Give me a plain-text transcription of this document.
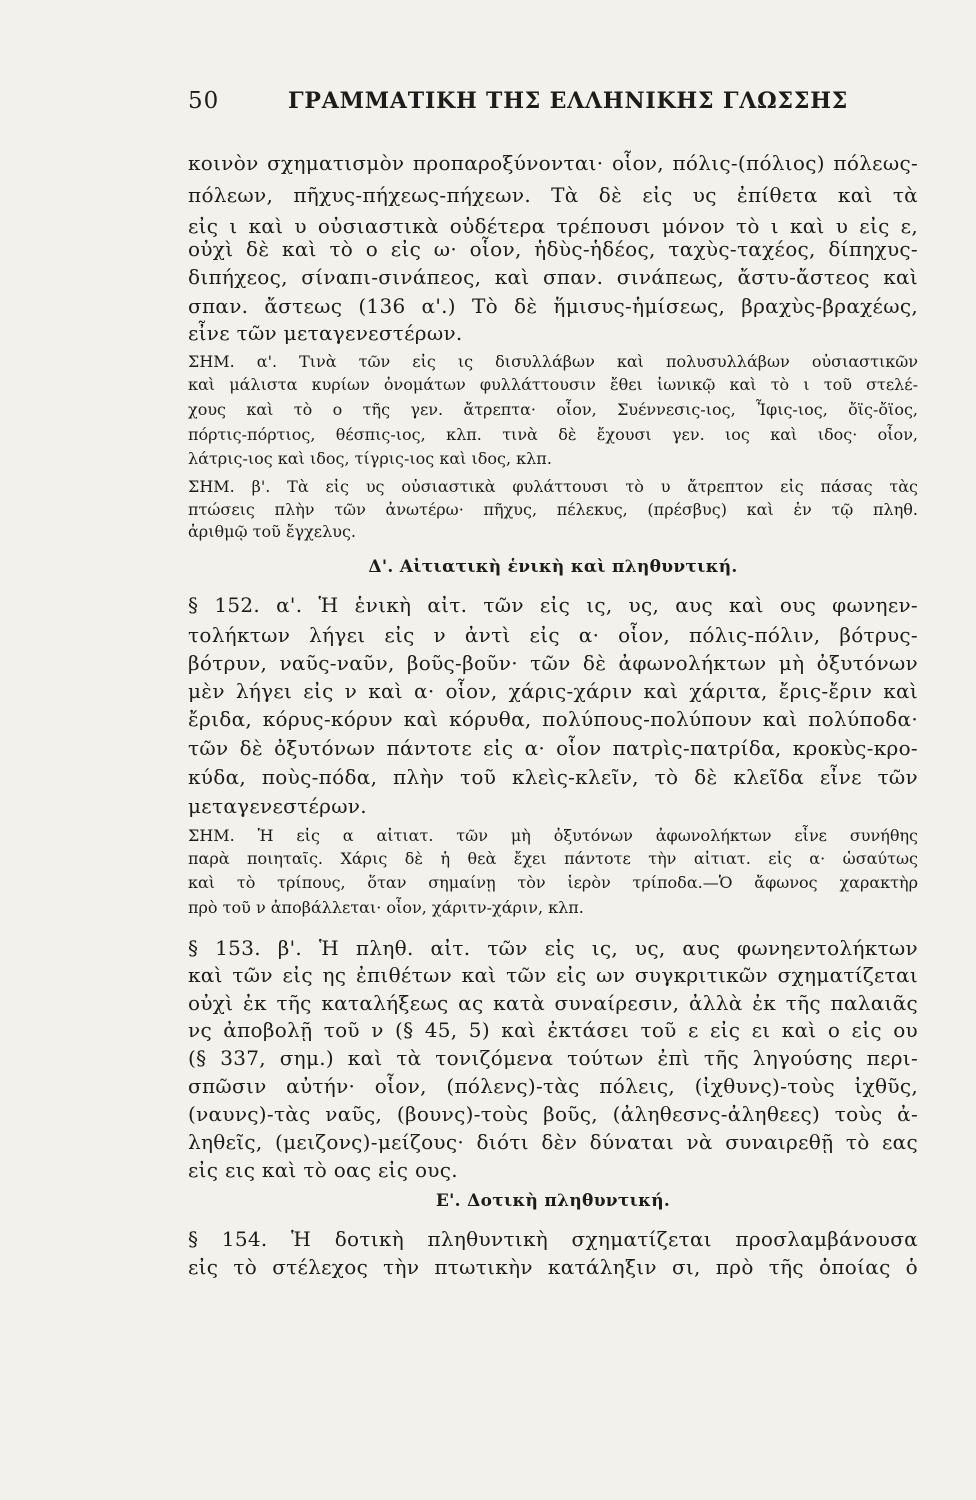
50	ΓΡΑΜΜΑΤΙΚΗ ΤΗΣ ΕΛΛΗΝΙΚΗΣ ΓΛΩΣΣΗΣ
κοινὸν σχηματισμὸν προπαροξύνονται· οἷον, πόλις-(πόλιος) πόλεως-
πόλεων, πῆχυς-πήχεως-πήχεων. Τὰ δὲ εἰς υς ἐπίθετα καὶ τὰ
εἰς ι καὶ υ οὐσιαστικὰ οὐδέτερα τρέπουσι μόνον τὸ ι καὶ υ εἰς ε,
οὐχὶ δὲ καὶ τὸ ο εἰς ω· οἷον, ἡδὺς-ἡδέος, ταχὺς-ταχέος, δίπηχυς-
διπήχεος, σίναπι-σινάπεος, καὶ σπαν. σινάπεως, ἄστυ-ἄστεος καὶ
σπαν. ἄστεως (136 α'.) Τὸ δὲ ἥμισυς-ἡμίσεως, βραχὺς-βραχέως,
εἶνε τῶν μεταγενεστέρων.
ΣΗΜ. α'. Τινὰ τῶν εἰς ις δισυλλάβων καὶ πολυσυλλάβων οὐσιαστικῶν
καὶ μάλιστα κυρίων ὀνομάτων φυλλάττουσιν ἔθει ἰωνικῷ καὶ τὸ ι τοῦ στελέ-
χους καὶ τὸ ο τῆς γεν. ἄτρεπτα· οἷον, Συέννεσις-ιος, Ἶφις-ιος, ὄϊς-ὄϊος,
πόρτις-πόρτιος, θέσπις-ιος, κλπ. τινὰ δὲ ἔχουσι γεν. ιος καὶ ιδος· οἷον,
λάτρις-ιος καὶ ιδος, τίγρις-ιος καὶ ιδος, κλπ.
ΣΗΜ. β'. Τὰ εἰς υς οὐσιαστικὰ φυλάττουσι τὸ υ ἄτρεπτον εἰς πάσας τὰς
πτώσεις πλὴν τῶν ἀνωτέρω· πῆχυς, πέλεκυς, (πρέσβυς) καὶ ἐν τῷ πληθ.
ἀριθμῷ τοῦ ἔγχελυς.
Δ'. Αἰτιατικὴ ἑνικὴ καὶ πληθυντική.
§ 152. α'. Ἡ ἑνικὴ αἰτ. τῶν εἰς ις, υς, αυς καὶ ους φωνηεν-
τολήκτων λήγει εἰς ν ἀντὶ εἰς α· οἷον, πόλις-πόλιν, βότρυς-
βότρυν, ναῦς-ναῦν, βοῦς-βοῦν· τῶν δὲ ἀφωνολήκτων μὴ ὀξυτόνων
μὲν λήγει εἰς ν καὶ α· οἷον, χάρις-χάριν καὶ χάριτα, ἔρις-ἔριν καὶ
ἔριδα, κόρυς-κόρυν καὶ κόρυθα, πολύπους-πολύπουν καὶ πολύποδα·
τῶν δὲ ὀξυτόνων πάντοτε εἰς α· οἷον πατρὶς-πατρίδα, κροκὺς-κρο-
κύδα, ποὺς-πόδα, πλὴν τοῦ κλεὶς-κλεῖν, τὸ δὲ κλεῖδα εἶνε τῶν
μεταγενεστέρων.
ΣΗΜ. Ἡ εἰς α αἰτιατ. τῶν μὴ ὀξυτόνων ἀφωνολήκτων εἶνε συνήθης
παρὰ ποιηταῖς. Χάρις δὲ ἡ θεὰ ἔχει πάντοτε τὴν αἰτιατ. εἰς α· ὡσαύτως
καὶ τὸ τρίπους, ὅταν σημαίνῃ τὸν ἱερὸν τρίποδα.—Ὁ ἄφωνος χαρακτὴρ
πρὸ τοῦ ν ἀποβάλλεται· οἷον, χάριτν-χάριν, κλπ.
§ 153. β'. Ἡ πληθ. αἰτ. τῶν εἰς ις, υς, αυς φωνηεντολήκτων
καὶ τῶν εἰς ης ἐπιθέτων καὶ τῶν εἰς ων συγκριτικῶν σχηματίζεται
οὐχὶ ἐκ τῆς καταλήξεως ας κατὰ συναίρεσιν, ἀλλὰ ἐκ τῆς παλαιᾶς
νς ἀποβολῇ τοῦ ν (§ 45, 5) καὶ ἐκτάσει τοῦ ε εἰς ει καὶ ο εἰς ου
(§ 337, σημ.) καὶ τὰ τονιζόμενα τούτων ἐπὶ τῆς ληγούσης περι-
σπῶσιν αὐτήν· οἷον, (πόλενς)-τὰς πόλεις, (ἰχθυνς)-τοὺς ἰχθῦς,
(ναυνς)-τὰς ναῦς, (βουνς)-τοὺς βοῦς, (ἀληθεσνς-ἀληθεες) τοὺς ἀ-
ληθεῖς, (μειζονς)-μείζους· διότι δὲν δύναται νὰ συναιρεθῇ τὸ εας
εἰς εις καὶ τὸ οας εἰς ους.
Ε'. Δοτικὴ πληθυντική.
§ 154. Ἡ δοτικὴ πληθυντικὴ σχηματίζεται προσλαμβάνουσα
εἰς τὸ στέλεχος τὴν πτωτικὴν κατάληξιν σι, πρὸ τῆς ὁποίας ὁ
